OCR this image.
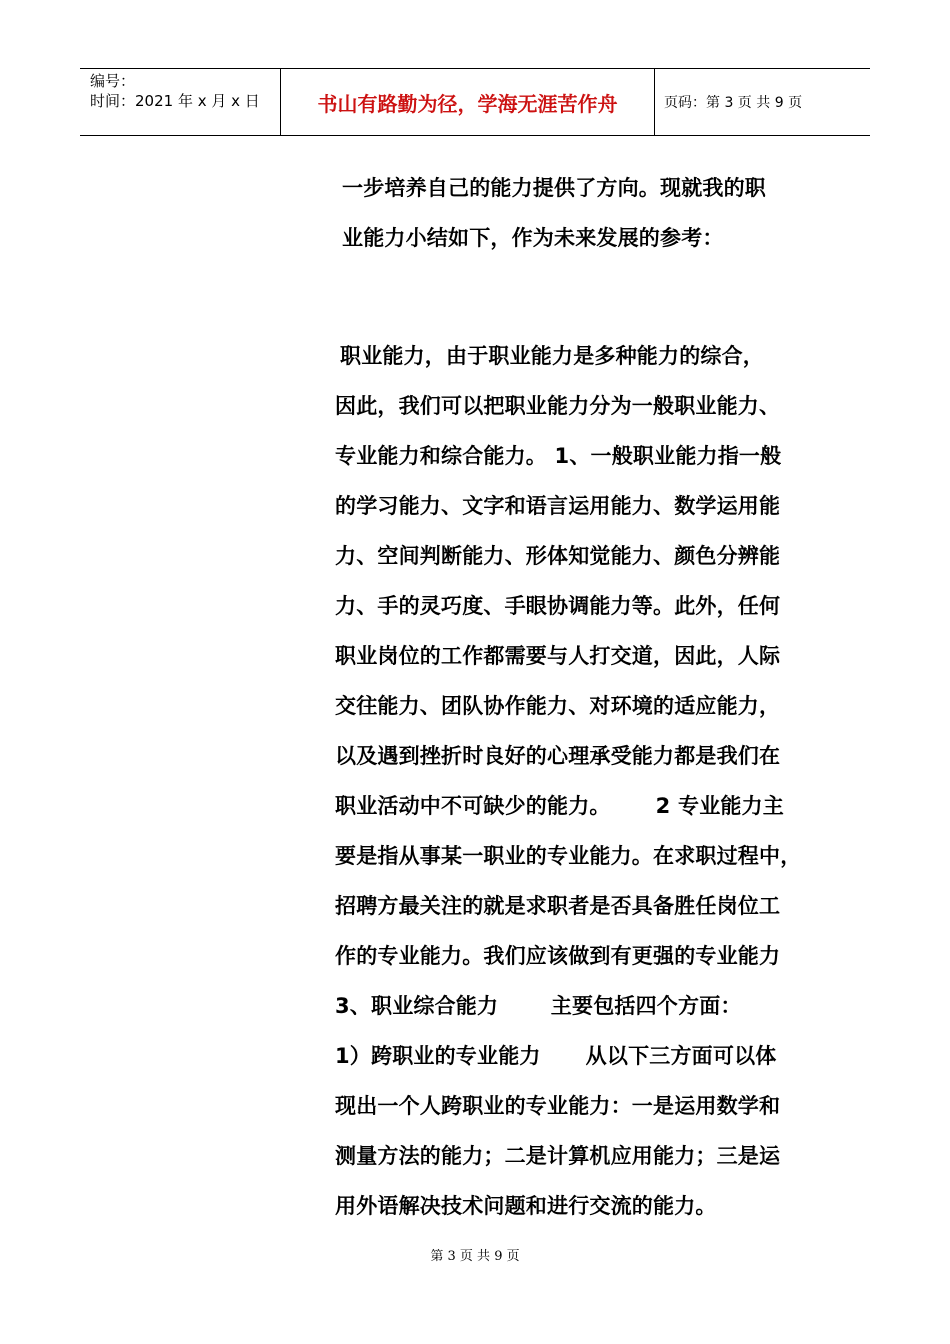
编号：
时间：2021 年 x 月 x 日	书山有路勤为径，学海无涯苦作舟	页码：第 3 页 共 9 页
一步培养自己的能力提供了方向。现就我的职
业能力小结如下，作为未来发展的参考：
职业能力，由于职业能力是多种能力的综合，
因此，我们可以把职业能力分为一般职业能力、
专业能力和综合能力。 1、一般职业能力指一般
的学习能力、文字和语言运用能力、数学运用能
力、空间判断能力、形体知觉能力、颜色分辨能
力、手的灵巧度、手眼协调能力等。此外，任何
职业岗位的工作都需要与人打交道，因此，人际
交往能力、团队协作能力、对环境的适应能力，
以及遇到挫折时良好的心理承受能力都是我们在
职业活动中不可缺少的能力。      2 专业能力主
要是指从事某一职业的专业能力。在求职过程中，
招聘方最关注的就是求职者是否具备胜任岗位工
作的专业能力。我们应该做到有更强的专业能力
3、职业综合能力       主要包括四个方面：
1）跨职业的专业能力      从以下三方面可以体
现出一个人跨职业的专业能力：一是运用数学和
测量方法的能力；二是计算机应用能力；三是运
用外语解决技术问题和进行交流的能力。
第 3 页 共 9 页
